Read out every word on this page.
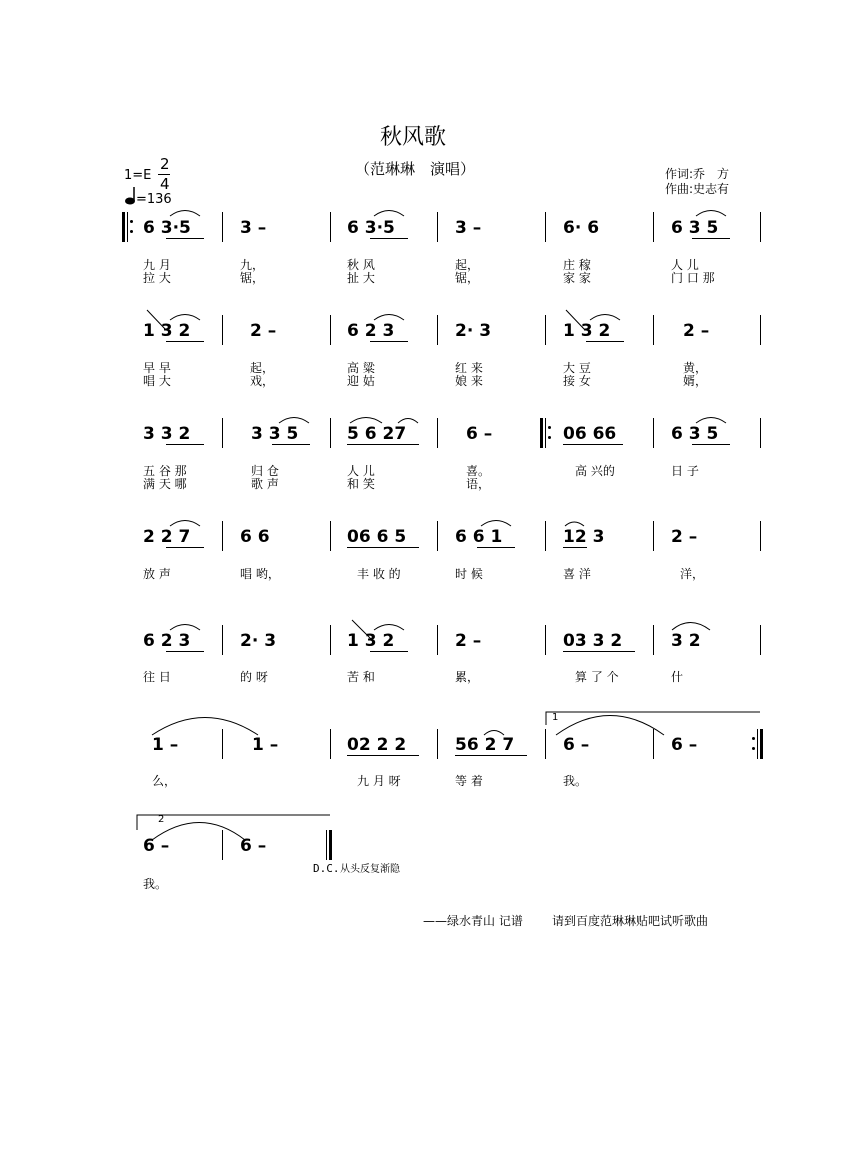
秋风歌
（范琳琳　演唱）	作词:乔　方
作曲:史志有
1=E
2
4
=136
6 3·5	3 –	6 3·5	3 –	6· 6	6 3 5
九 月	九，	秋 风	起，	庄 稼	人 儿
拉 大	锯，	扯 大	锯，	家 家	门 口 那
1 3 2	2 –	6 2 3	2· 3	1 3 2	2 –
早 早	起，	高 粱	红 来	大 豆	黄，
唱 大	戏，	迎 姑	娘 来	接 女	婿，
3 3 2	3 3 5	5 6 27	6 –	06 66	6 3 5
五 谷 那	归 仓	人 儿	喜。	高 兴的	日 子
满 天 哪	歌 声	和 笑	语，
2 2 7	6 6	06 6 5	6 6 1	12 3	2 –
放 声	唱 哟，	丰 收 的	时 候	喜 洋	洋，
6 2 3	2· 3	1 3 2	2 –	03 3 2	3 2
往 日	的 呀	苦 和	累，	算 了 个	什
1
1 –	1 –	02 2 2	56 2 7	6 –	6 –
么，	九 月 呀	等 着	我。
2
6 –	6 –
D.C. 从头反复渐隐
我。
——绿水青山 记谱 请到百度范琳琳贴吧试听歌曲
